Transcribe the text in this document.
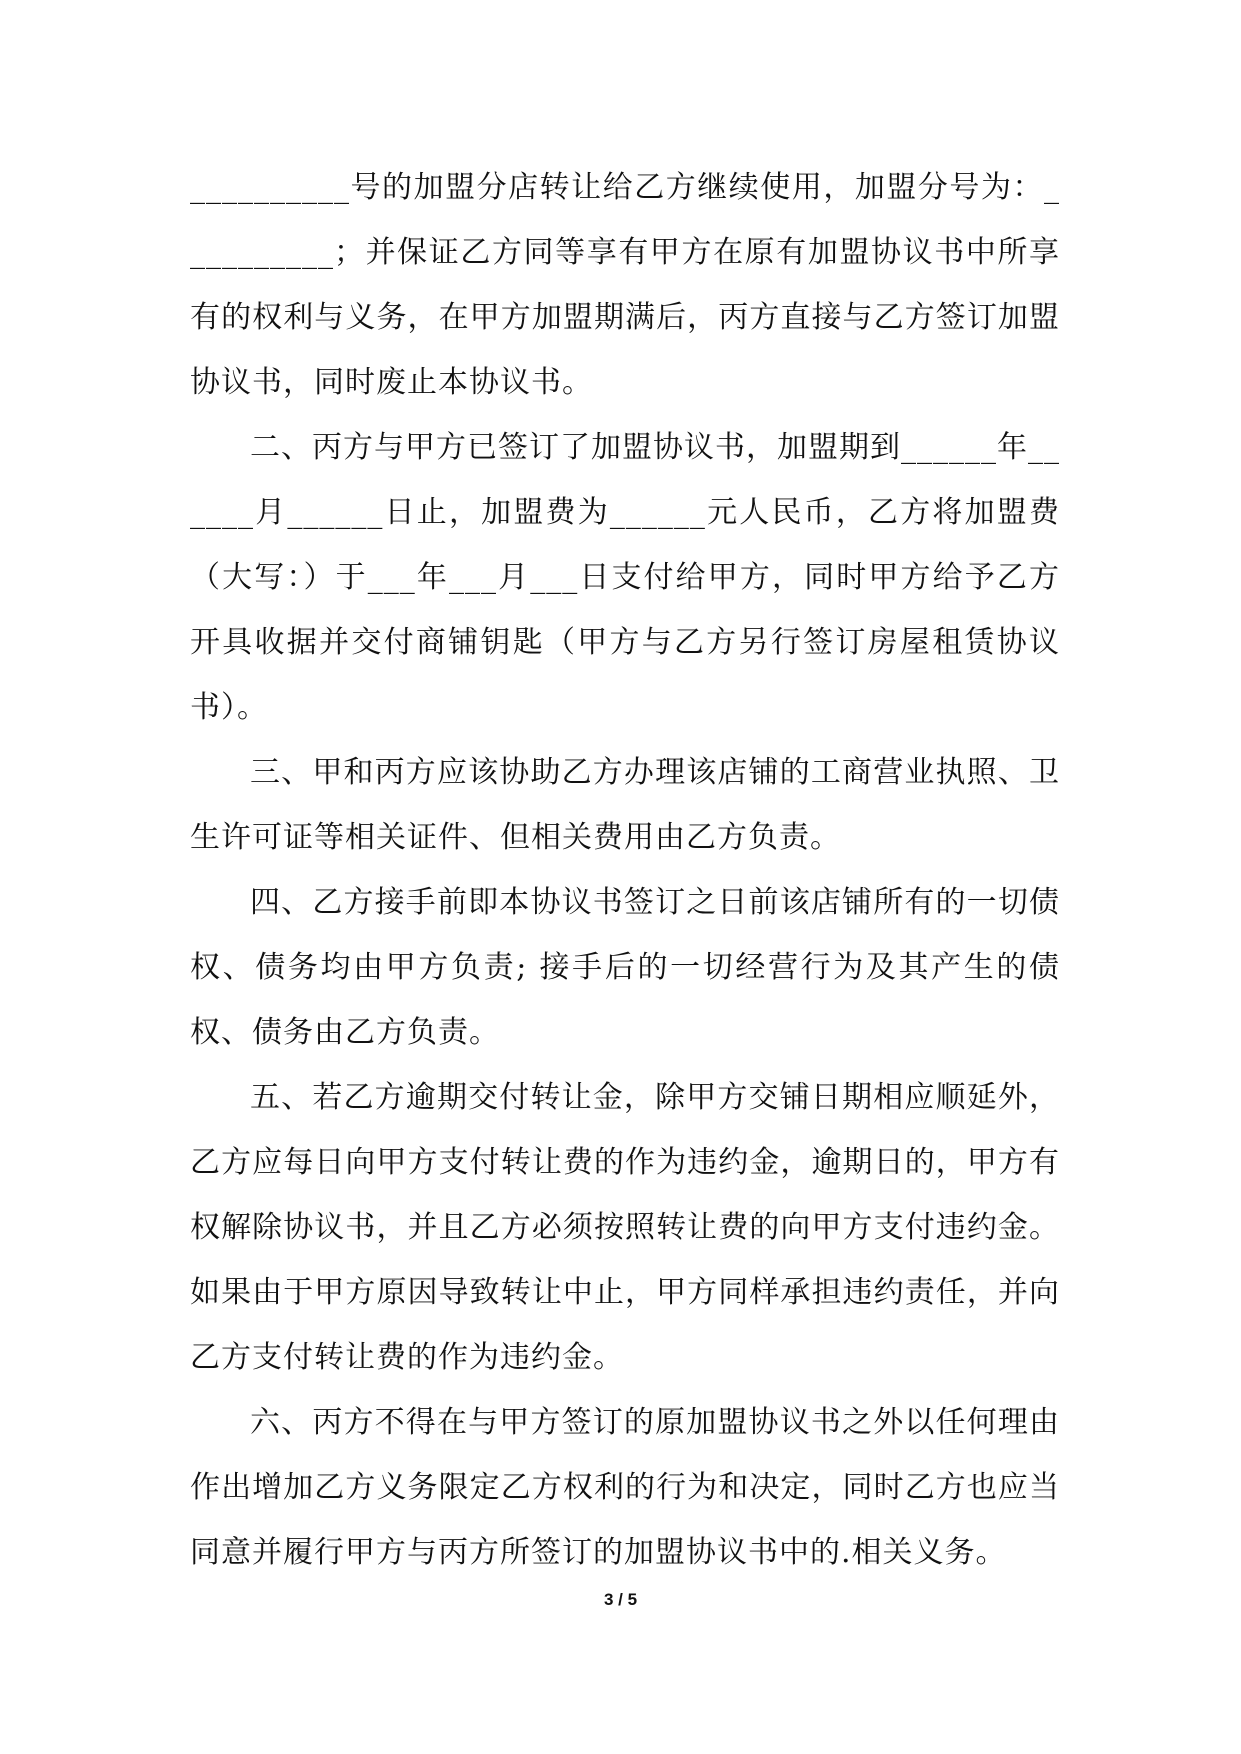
__________号的加盟分店转让给乙方继续使用，加盟分号为：__________；并保证乙方同等享有甲方在原有加盟协议书中所享有的权利与义务，在甲方加盟期满后，丙方直接与乙方签订加盟协议书，同时废止本协议书。

二、丙方与甲方已签订了加盟协议书，加盟期到______年______月______日止，加盟费为______元人民币，乙方将加盟费（大写：）于___年___月___日支付给甲方，同时甲方给予乙方开具收据并交付商铺钥匙（甲方与乙方另行签订房屋租赁协议书）。

三、甲和丙方应该协助乙方办理该店铺的工商营业执照、卫生许可证等相关证件、但相关费用由乙方负责。

四、乙方接手前即本协议书签订之日前该店铺所有的一切债权、债务均由甲方负责; 接手后的一切经营行为及其产生的债权、债务由乙方负责。

五、若乙方逾期交付转让金，除甲方交铺日期相应顺延外，乙方应每日向甲方支付转让费的作为违约金，逾期日的，甲方有权解除协议书，并且乙方必须按照转让费的向甲方支付违约金。如果由于甲方原因导致转让中止，甲方同样承担违约责任，并向乙方支付转让费的作为违约金。

六、丙方不得在与甲方签订的原加盟协议书之外以任何理由作出增加乙方义务限定乙方权利的行为和决定，同时乙方也应当同意并履行甲方与丙方所签订的加盟协议书中的.相关义务。

3 / 5
